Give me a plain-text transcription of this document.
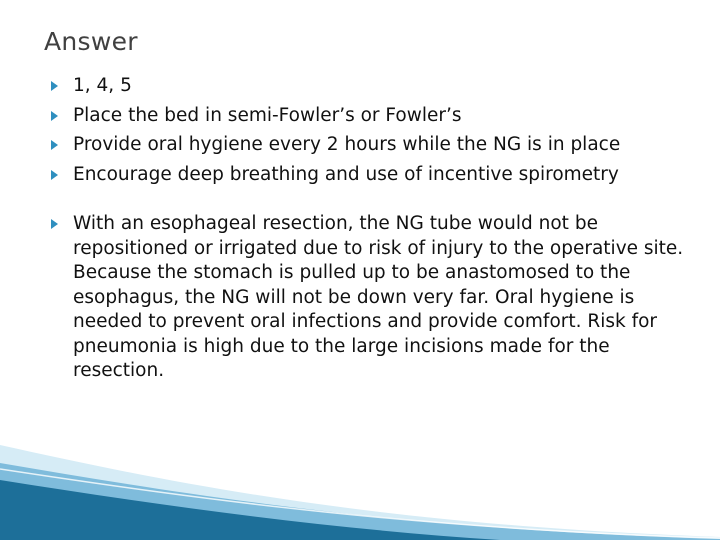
Answer
1, 4, 5
Place the bed in semi-Fowler’s or Fowler’s
Provide oral hygiene every 2 hours while the NG is in place
Encourage deep breathing and use of incentive spirometry
With an esophageal resection, the NG tube would not be repositioned or irrigated due to risk of injury to the operative site. Because the stomach is pulled up to be anastomosed to the esophagus, the NG will not be down very far. Oral hygiene is needed to prevent oral infections and provide comfort. Risk for pneumonia is high due to the large incisions made for the resection.
